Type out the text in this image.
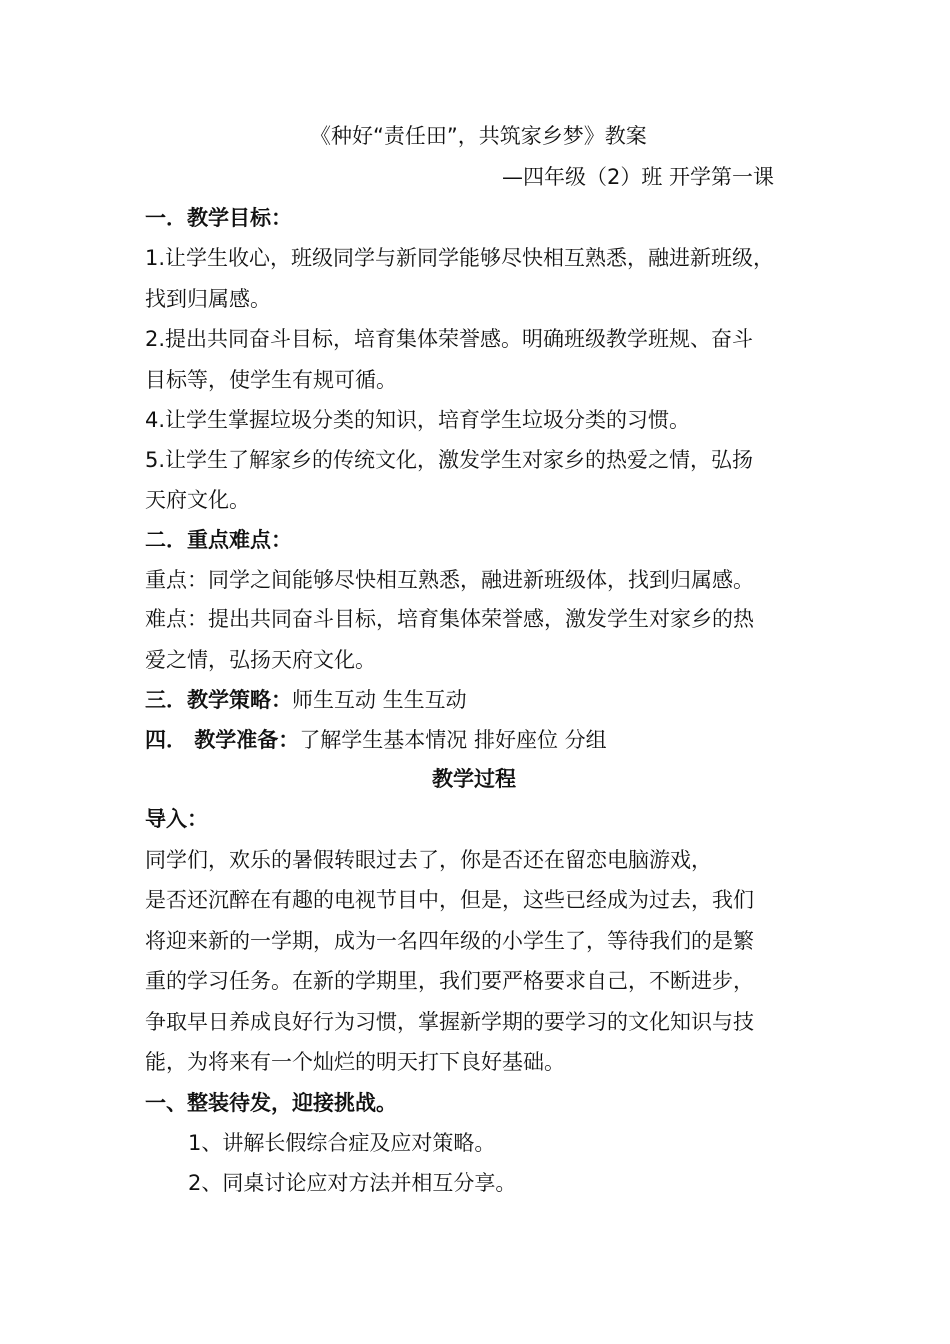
《种好“责任田”，共筑家乡梦》教案
—四年级（2）班 开学第一课
一．教学目标：
1.让学生收心，班级同学与新同学能够尽快相互熟悉，融进新班级，
找到归属感。
2.提出共同奋斗目标，培育集体荣誉感。明确班级教学班规、奋斗
目标等，使学生有规可循。
4.让学生掌握垃圾分类的知识，培育学生垃圾分类的习惯。
5.让学生了解家乡的传统文化，激发学生对家乡的热爱之情，弘扬
天府文化。
二．重点难点：
重点：同学之间能够尽快相互熟悉，融进新班级体，找到归属感。
难点：提出共同奋斗目标，培育集体荣誉感，激发学生对家乡的热
爱之情，弘扬天府文化。
三．教学策略：师生互动 生生互动
四． 教学准备：了解学生基本情况 排好座位 分组
教学过程
导入：
同学们，欢乐的暑假转眼过去了，你是否还在留恋电脑游戏，
是否还沉醉在有趣的电视节目中，但是，这些已经成为过去，我们
将迎来新的一学期，成为一名四年级的小学生了，等待我们的是繁
重的学习任务。在新的学期里，我们要严格要求自己，不断进步，
争取早日养成良好行为习惯，掌握新学期的要学习的文化知识与技
能，为将来有一个灿烂的明天打下良好基础。
一、整装待发，迎接挑战。
1、讲解长假综合症及应对策略。
2、同桌讨论应对方法并相互分享。
